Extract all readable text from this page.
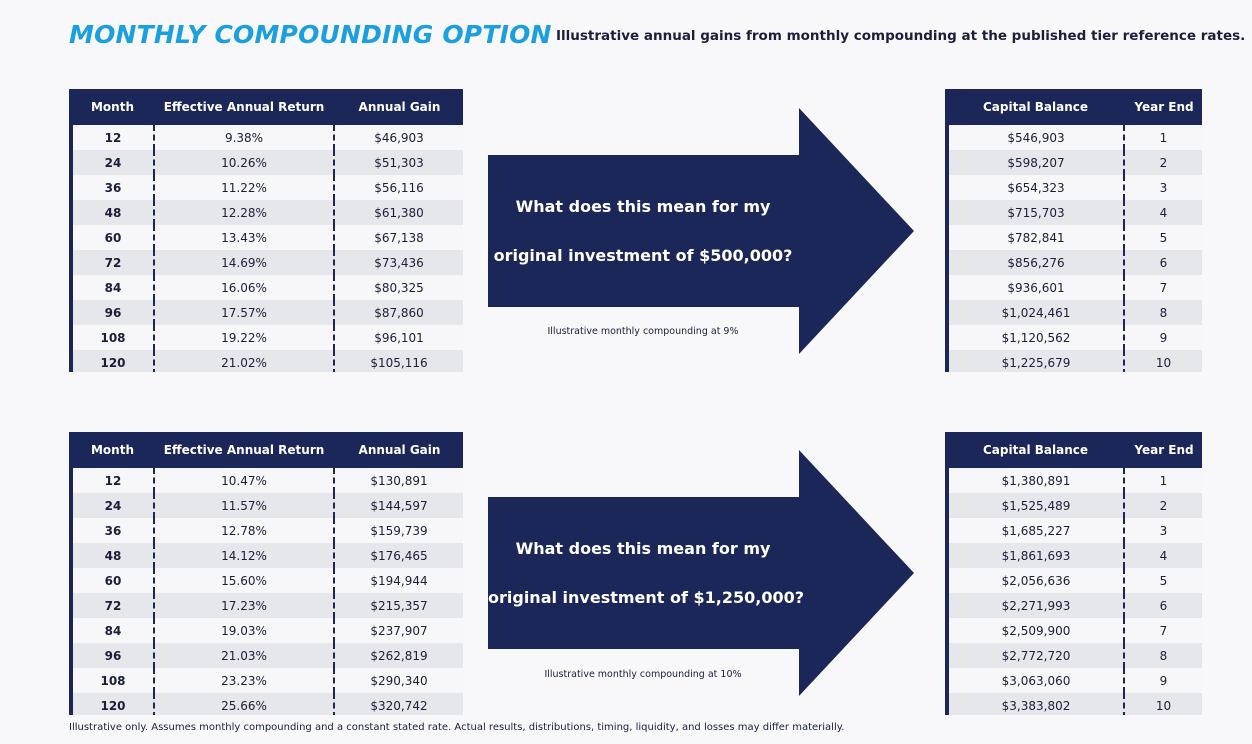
MONTHLY COMPOUNDING OPTION Illustrative annual gains from monthly compounding at the published tier reference rates.
Month	Effective Annual Return	Annual Gain
12	9.38%	$46,903
24	10.26%	$51,303
36	11.22%	$56,116
48	12.28%	$61,380
60	13.43%	$67,138
72	14.69%	$73,436
84	16.06%	$80,325
96	17.57%	$87,860
108	19.22%	$96,101
120	21.02%	$105,116
What does this mean for my
original investment of $500,000?
Illustrative monthly compounding at 9%
Capital Balance	Year End
$546,903	1
$598,207	2
$654,323	3
$715,703	4
$782,841	5
$856,276	6
$936,601	7
$1,024,461	8
$1,120,562	9
$1,225,679	10
Month	Effective Annual Return	Annual Gain
12	10.47%	$130,891
24	11.57%	$144,597
36	12.78%	$159,739
48	14.12%	$176,465
60	15.60%	$194,944
72	17.23%	$215,357
84	19.03%	$237,907
96	21.03%	$262,819
108	23.23%	$290,340
120	25.66%	$320,742
What does this mean for my
original investment of $1,250,000?
Illustrative monthly compounding at 10%
Capital Balance	Year End
$1,380,891	1
$1,525,489	2
$1,685,227	3
$1,861,693	4
$2,056,636	5
$2,271,993	6
$2,509,900	7
$2,772,720	8
$3,063,060	9
$3,383,802	10
Illustrative only. Assumes monthly compounding and a constant stated rate. Actual results, distributions, timing, liquidity, and losses may differ materially.
